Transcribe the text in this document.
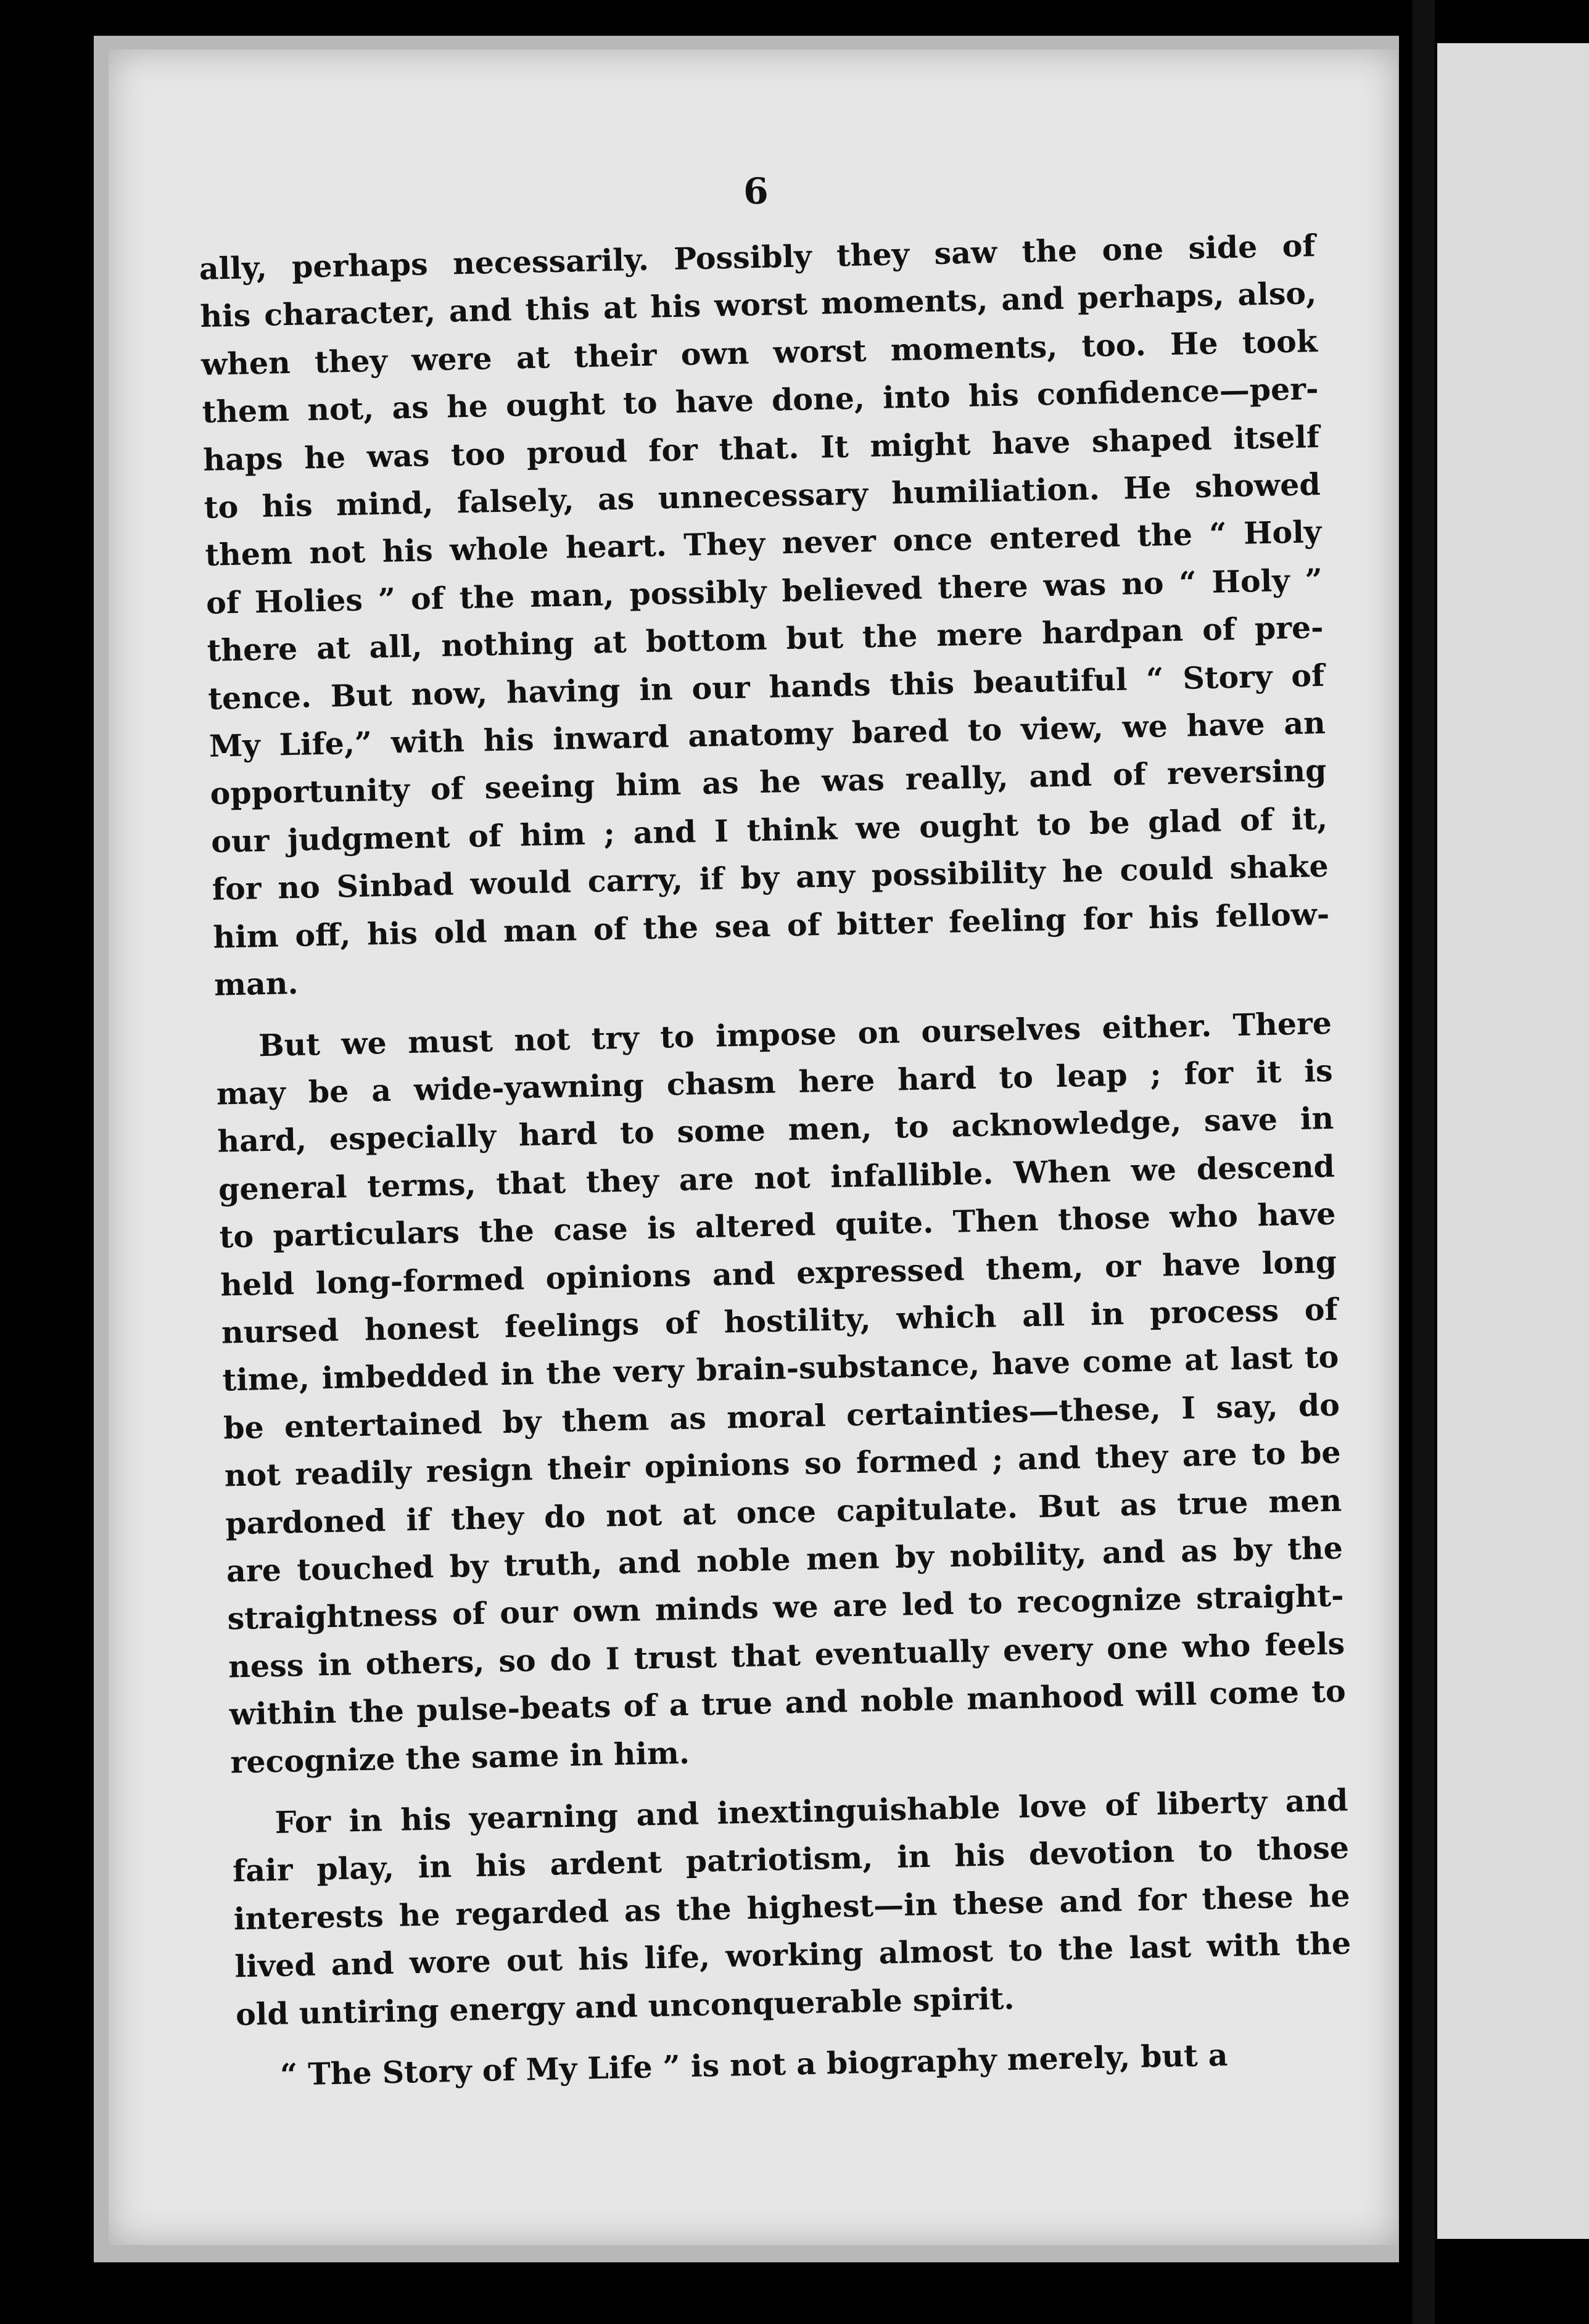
6
ally, perhaps necessarily. Possibly they saw the one side of
his character, and this at his worst moments, and perhaps, also,
when they were at their own worst moments, too. He took
them not, as he ought to have done, into his confidence—per-
haps he was too proud for that. It might have shaped itself
to his mind, falsely, as unnecessary humiliation. He showed
them not his whole heart. They never once entered the “ Holy
of Holies ” of the man, possibly believed there was no “ Holy ”
there at all, nothing at bottom but the mere hardpan of pre-
tence. But now, having in our hands this beautiful “ Story of
My Life,” with his inward anatomy bared to view, we have an
opportunity of seeing him as he was really, and of reversing
our judgment of him ; and I think we ought to be glad of it,
for no Sinbad would carry, if by any possibility he could shake
him off, his old man of the sea of bitter feeling for his fellow-
man.
But we must not try to impose on ourselves either. There
may be a wide-yawning chasm here hard to leap ; for it is
hard, especially hard to some men, to acknowledge, save in
general terms, that they are not infallible. When we descend
to particulars the case is altered quite. Then those who have
held long-formed opinions and expressed them, or have long
nursed honest feelings of hostility, which all in process of
time, imbedded in the very brain-substance, have come at last to
be entertained by them as moral certainties—these, I say, do
not readily resign their opinions so formed ; and they are to be
pardoned if they do not at once capitulate. But as true men
are touched by truth, and noble men by nobility, and as by the
straightness of our own minds we are led to recognize straight-
ness in others, so do I trust that eventually every one who feels
within the pulse-beats of a true and noble manhood will come to
recognize the same in him.
For in his yearning and inextinguishable love of liberty and
fair play, in his ardent patriotism, in his devotion to those
interests he regarded as the highest—in these and for these he
lived and wore out his life, working almost to the last with the
old untiring energy and unconquerable spirit.
“ The Story of My Life ” is not a biography merely, but a
